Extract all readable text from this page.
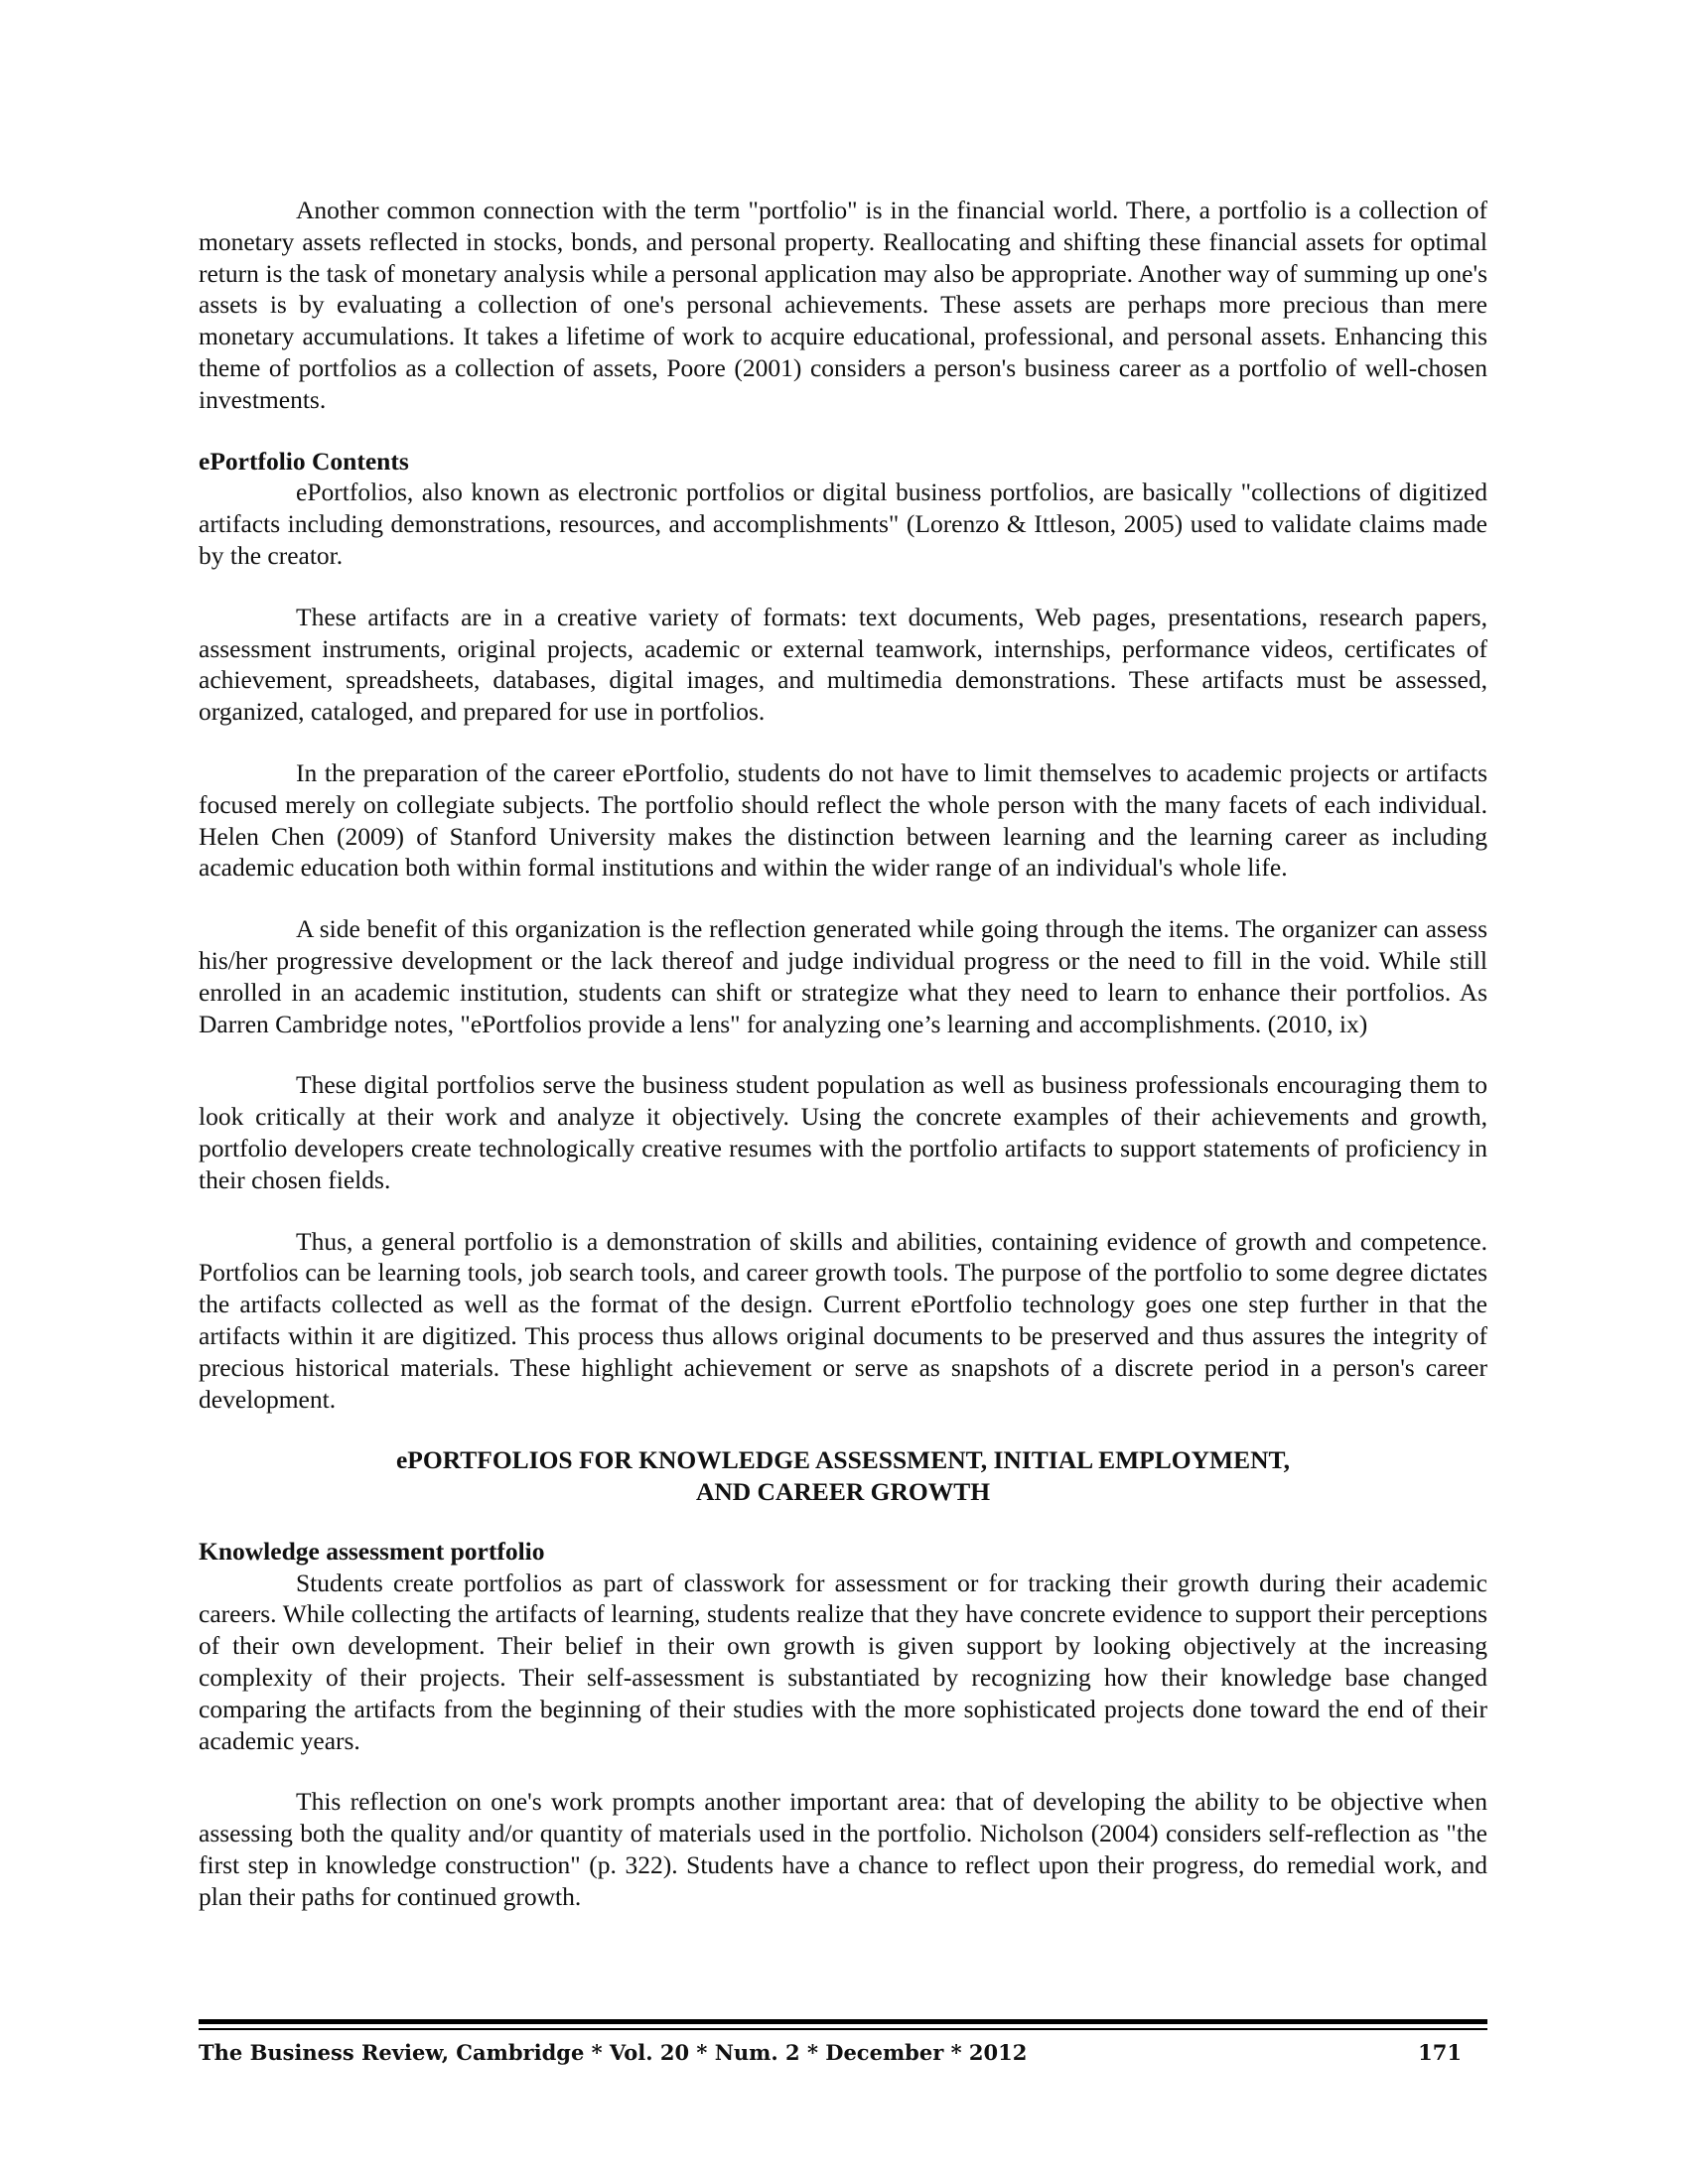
Another common connection with the term "portfolio" is in the financial world. There, a portfolio is a collection of monetary assets reflected in stocks, bonds, and personal property. Reallocating and shifting these financial assets for optimal return is the task of monetary analysis while a personal application may also be appropriate. Another way of summing up one's assets is by evaluating a collection of one's personal achievements. These assets are perhaps more precious than mere monetary accumulations. It takes a lifetime of work to acquire educational, professional, and personal assets. Enhancing this theme of portfolios as a collection of assets, Poore (2001) considers a person's business career as a portfolio of well-chosen investments.

ePortfolio Contents

ePortfolios, also known as electronic portfolios or digital business portfolios, are basically "collections of digitized artifacts including demonstrations, resources, and accomplishments" (Lorenzo & Ittleson, 2005) used to validate claims made by the creator.

These artifacts are in a creative variety of formats: text documents, Web pages, presentations, research papers, assessment instruments, original projects, academic or external teamwork, internships, performance videos, certificates of achievement, spreadsheets, databases, digital images, and multimedia demonstrations. These artifacts must be assessed, organized, cataloged, and prepared for use in portfolios.

In the preparation of the career ePortfolio, students do not have to limit themselves to academic projects or artifacts focused merely on collegiate subjects. The portfolio should reflect the whole person with the many facets of each individual. Helen Chen (2009) of Stanford University makes the distinction between learning and the learning career as including academic education both within formal institutions and within the wider range of an individual's whole life.

A side benefit of this organization is the reflection generated while going through the items. The organizer can assess his/her progressive development or the lack thereof and judge individual progress or the need to fill in the void. While still enrolled in an academic institution, students can shift or strategize what they need to learn to enhance their portfolios. As Darren Cambridge notes, "ePortfolios provide a lens" for analyzing one’s learning and accomplishments. (2010, ix)

These digital portfolios serve the business student population as well as business professionals encouraging them to look critically at their work and analyze it objectively. Using the concrete examples of their achievements and growth, portfolio developers create technologically creative resumes with the portfolio artifacts to support statements of proficiency in their chosen fields.

Thus, a general portfolio is a demonstration of skills and abilities, containing evidence of growth and competence. Portfolios can be learning tools, job search tools, and career growth tools. The purpose of the portfolio to some degree dictates the artifacts collected as well as the format of the design. Current ePortfolio technology goes one step further in that the artifacts within it are digitized. This process thus allows original documents to be preserved and thus assures the integrity of precious historical materials. These highlight achievement or serve as snapshots of a discrete period in a person's career development.

ePORTFOLIOS FOR KNOWLEDGE ASSESSMENT, INITIAL EMPLOYMENT,
AND CAREER GROWTH

Knowledge assessment portfolio

Students create portfolios as part of classwork for assessment or for tracking their growth during their academic careers. While collecting the artifacts of learning, students realize that they have concrete evidence to support their perceptions of their own development. Their belief in their own growth is given support by looking objectively at the increasing complexity of their projects. Their self-assessment is substantiated by recognizing how their knowledge base changed comparing the artifacts from the beginning of their studies with the more sophisticated projects done toward the end of their academic years.

This reflection on one's work prompts another important area: that of developing the ability to be objective when assessing both the quality and/or quantity of materials used in the portfolio. Nicholson (2004) considers self-reflection as "the first step in knowledge construction" (p. 322). Students have a chance to reflect upon their progress, do remedial work, and plan their paths for continued growth.

The Business Review, Cambridge * Vol. 20 * Num. 2 * December * 2012	171
